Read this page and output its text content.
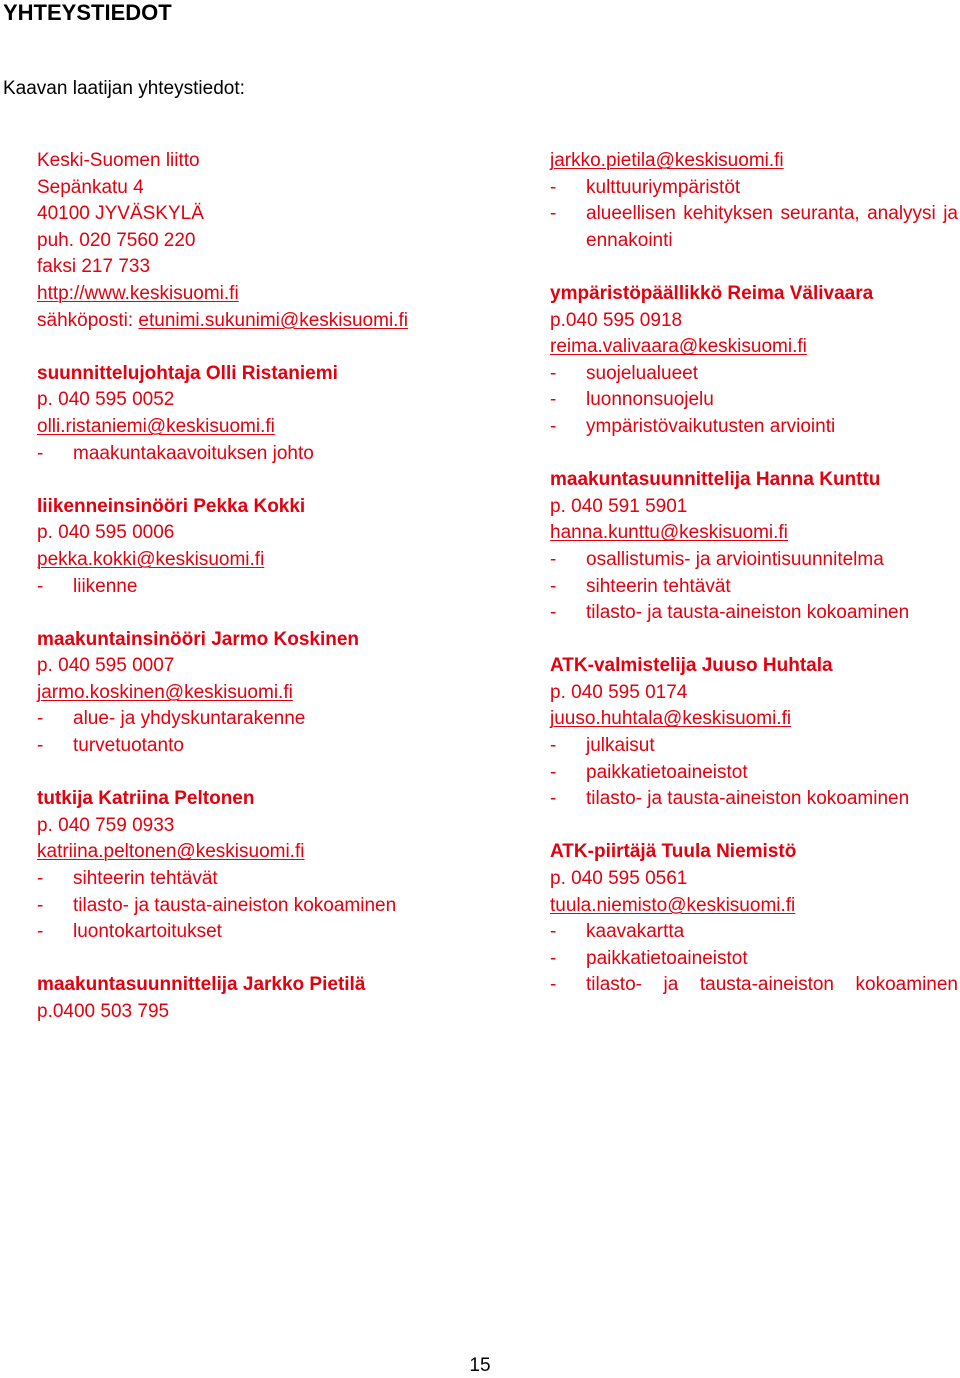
YHTEYSTIEDOT

Kaavan laatijan yhteystiedot:

Keski-Suomen liitto

Sepänkatu 4

40100 JYVÄSKYLÄ

puh. 020 7560 220

faksi 217 733

http://www.keskisuomi.fi

sähköposti: etunimi.sukunimi@keskisuomi.fi

suunnittelujohtaja Olli Ristaniemi

p. 040 595 0052

olli.ristaniemi@keskisuomi.fi

-	maakuntakaavoituksen johto

liikenneinsinööri Pekka Kokki

p. 040 595 0006

pekka.kokki@keskisuomi.fi

-	liikenne

maakuntainsinööri Jarmo Koskinen

p. 040 595 0007

jarmo.koskinen@keskisuomi.fi

-	alue- ja yhdyskuntarakenne
-	turvetuotanto

tutkija Katriina Peltonen

p. 040 759 0933

katriina.peltonen@keskisuomi.fi

-	sihteerin tehtävät
-	tilasto- ja tausta-aineiston kokoaminen
-	luontokartoitukset

maakuntasuunnittelija Jarkko Pietilä

p.0400 503 795

jarkko.pietila@keskisuomi.fi

-	kulttuuriympäristöt
-	alueellisen kehityksen seuranta, analyysi ja ennakointi

ympäristöpäällikkö Reima Välivaara

p.040 595 0918

reima.valivaara@keskisuomi.fi

-	suojelualueet
-	luonnonsuojelu
-	ympäristövaikutusten arviointi

maakuntasuunnittelija Hanna Kunttu

p. 040 591 5901

hanna.kunttu@keskisuomi.fi

-	osallistumis- ja arviointisuunnitelma
-	sihteerin tehtävät
-	tilasto- ja tausta-aineiston kokoaminen

ATK-valmistelija Juuso Huhtala

p. 040 595 0174

juuso.huhtala@keskisuomi.fi

-	julkaisut
-	paikkatietoaineistot
-	tilasto- ja tausta-aineiston kokoaminen

ATK-piirtäjä Tuula Niemistö

p. 040 595 0561

tuula.niemisto@keskisuomi.fi

-	kaavakartta
-	paikkatietoaineistot
-	tilasto- ja tausta-aineiston kokoaminen

15
